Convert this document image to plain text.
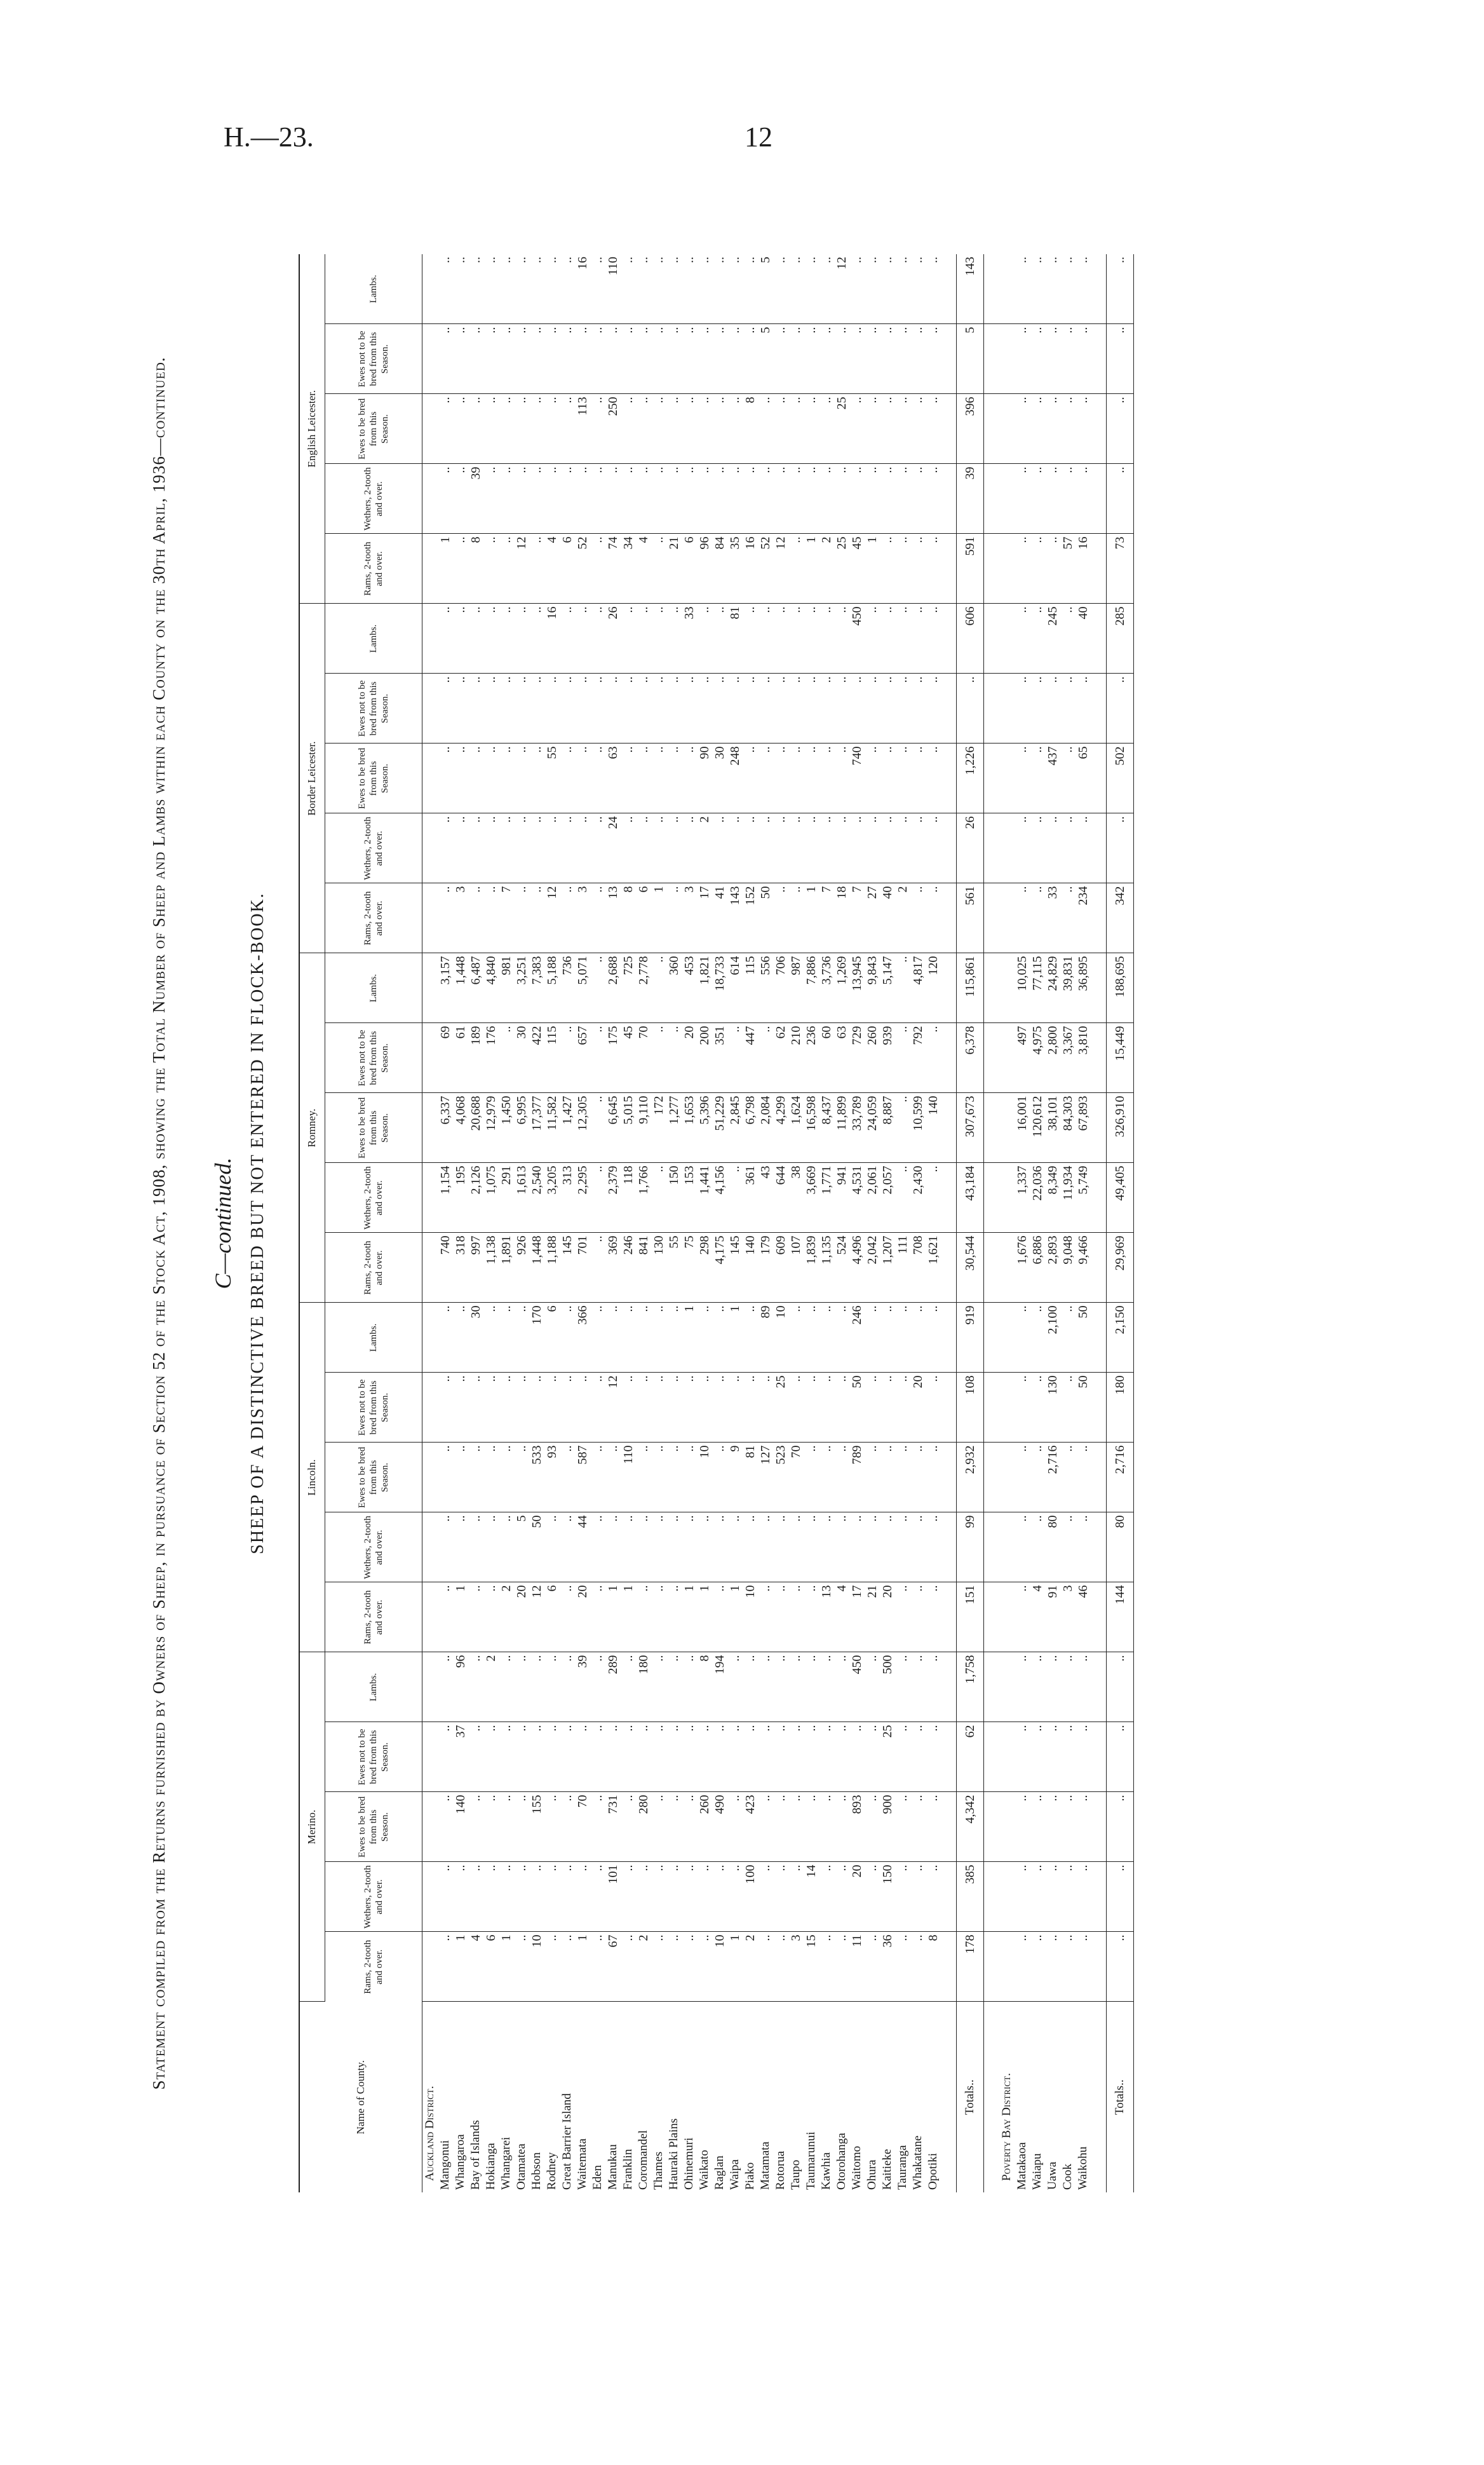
H.—23.	12
Statement compiled from the Returns furnished by Owners of Sheep, in pursuance of Section 52 of the Stock Act, 1908, showing the Total Number of Sheep and Lambs within each County on the 30th April, 1936—continued. C—continued. SHEEP OF A DISTINCTIVE BREED BUT NOT ENTERED IN FLOCK-BOOK.
Name of County.	Merino.					Lincoln.					Romney.					Border Leicester.					English Leicester.				
	Rams, 2-tooth and over.	Wethers, 2-tooth and over.	Ewes to be bred from this Season.	Ewes not to be bred from this Season.	Lambs.	Rams, 2-tooth and over.	Wethers, 2-tooth and over.	Ewes to be bred from this Season.	Ewes not to be bred from this Season.	Lambs.	Rams, 2-tooth and over.	Wethers, 2-tooth and over.	Ewes to be bred from this Season.	Ewes not to be bred from this Season.	Lambs.	Rams, 2-tooth and over.	Wethers, 2-tooth and over.	Ewes to be bred from this Season.	Ewes not to be bred from this Season.	Lambs.	Rams, 2-tooth and over.	Wethers, 2-tooth and over.	Ewes to be bred from this Season.	Ewes not to be bred from this Season.	Lambs.
Auckland District.																									
Mangonui	..	..	..	..	..	..	..	..	..	..	740	1,154	6,337	69	3,157	..	..	..	..	..	1	..	..	..	..
Whangaroa	1	..	140	37	96	1	..	..	..	..	318	195	4,068	61	1,448	3	..	..	..	..	..	..	..	..	..
Bay of Islands	4	..	..	..	..	..	..	..	..	30	997	2,126	20,688	189	6,487	..	..	..	..	..	8	39	..	..	..
Hokianga	6	..	..	..	2	..	..	..	..	..	1,138	1,075	12,979	176	4,840	..	..	..	..	..	..	..	..	..	..
Whangarei	1	..	..	..	..	2	..	..	..	..	1,891	291	1,450	..	981	7	..	..	..	..	..	..	..	..	..
Otamatea	..	..	..	..	..	20	5	..	..	..	926	1,613	6,995	30	3,251	..	..	..	..	..	12	..	..	..	..
Hobson	10	..	155	..	..	12	50	533	..	170	1,448	2,540	17,377	422	7,383	..	..	..	..	..	..	..	..	..	..
Rodney	..	..	..	..	..	6	..	93	..	6	1,188	3,205	11,582	115	5,188	12	..	55	..	16	4	..	..	..	..
Great Barrier Island	..	..	..	..	..	..	..	..	..	..	145	313	1,427	..	736	..	..	..	..	..	6	..	..	..	..
Waitemata	1	..	70	..	39	20	44	587	..	366	701	2,295	12,305	657	5,071	3	..	..	..	..	52	..	113	..	16
Eden	..	..	..	..	..	..	..	..	..	..	..	..	..	..	..	..	..	..	..	..	..	..	..	..	..
Manukau	67	101	731	..	289	1	..	..	12	..	369	2,379	6,645	175	2,688	13	24	63	..	26	74	..	250	..	110
Franklin	..	..	..	..	..	1	..	110	..	..	246	118	5,015	45	725	8	..	..	..	..	34	..	..	..	..
Coromandel	2	..	280	..	180	..	..	..	..	..	841	1,766	9,110	70	2,778	6	..	..	..	..	4	..	..	..	..
Thames	..	..	..	..	..	..	..	..	..	..	130	..	172	..	..	1	..	..	..	..	..	..	..	..	..
Hauraki Plains	..	..	..	..	..	..	..	..	..	..	55	150	1,277	..	360	..	..	..	..	..	21	..	..	..	..
Ohinemuri	..	..	..	..	..	1	..	..	..	1	75	153	1,653	20	453	3	..	..	..	33	6	..	..	..	..
Waikato	..	..	260	..	8	1	..	10	..	..	298	1,441	5,396	200	1,821	17	2	90	..	..	96	..	..	..	..
Raglan	10	..	490	..	194	..	..	..	..	..	4,175	4,156	51,229	351	18,733	41	..	30	..	..	84	..	..	..	..
Waipa	1	..	..	..	..	1	..	9	..	1	145	..	2,845	..	614	143	..	248	..	81	35	..	..	..	..
Piako	2	100	423	..	..	10	..	81	..	..	140	361	6,798	447	115	152	..	..	..	..	16	..	8	..	..
Matamata	..	..	..	..	..	..	..	127	..	89	179	43	2,084	..	556	50	..	..	..	..	52	..	..	5	5
Rotorua	..	..	..	..	..	..	..	523	25	10	609	644	4,299	62	706	..	..	..	..	..	12	..	..	..	..
Taupo	3	..	..	..	..	..	..	70	..	..	107	38	1,624	210	987	..	..	..	..	..	..	..	..	..	..
Taumarunui	15	14	..	..	..	..	..	..	..	..	1,839	3,669	16,598	236	7,886	1	..	..	..	..	1	..	..	..	..
Kawhia	..	..	..	..	..	13	..	..	..	..	1,135	1,771	8,437	60	3,736	7	..	..	..	..	2	..	..	..	..
Otorohanga	..	..	..	..	..	4	..	..	..	..	524	941	11,899	63	1,269	18	..	..	..	..	25	..	25	..	12
Waitomo	11	20	893	..	450	17	..	789	50	246	4,496	4,531	33,789	729	13,945	7	..	740	..	450	45	..	..	..	..
Ohura	..	..	..	..	..	21	..	..	..	..	2,042	2,061	24,059	260	9,843	27	..	..	..	..	1	..	..	..	..
Kaitieke	36	150	900	25	500	20	..	..	..	..	1,207	2,057	8,887	939	5,147	40	..	..	..	..	..	..	..	..	..
Tauranga	..	..	..	..	..	..	..	..	..	..	111	..	..	..	..	2	..	..	..	..	..	..	..	..	..
Whakatane	..	..	..	..	..	..	..	..	20	..	708	2,430	10,599	792	4,817	..	..	..	..	..	..	..	..	..	..
Opotiki	8	..	..	..	..	..	..	..	..	..	1,621	..	140	..	120	..	..	..	..	..	..	..	..	..	..

Totals..	178	385	4,342	62	1,758	151	99	2,932	108	919	30,544	43,184	307,673	6,378	115,861	561	26	1,226	..	606	591	39	396	5	143

Poverty Bay District.																									
Matakaoa	..	..	..	..	..	..	..	..	..	..	1,676	1,337	16,001	497	10,025	..	..	..	..	..	..	..	..	..	..
Waiapu	..	..	..	..	..	4	..	..	..	..	6,886	22,036	120,612	4,975	77,115	..	..	..	..	..	..	..	..	..	..
Uawa	..	..	..	..	..	91	80	2,716	130	2,100	2,893	8,349	38,101	2,800	24,829	33	..	437	..	245	..	..	..	..	..
Cook	..	..	..	..	..	3	..	..	..	..	9,048	11,934	84,303	3,367	39,831	..	..	..	..	..	57	..	..	..	..
Waikohu	..	..	..	..	..	46	..	..	50	50	9,466	5,749	67,893	3,810	36,895	234	..	65	..	40	16	..	..	..	..

Totals..	..	..	..	..	..	144	80	2,716	180	2,150	29,969	49,405	326,910	15,449	188,695	342	..	502	..	285	73	..	..	..	..
